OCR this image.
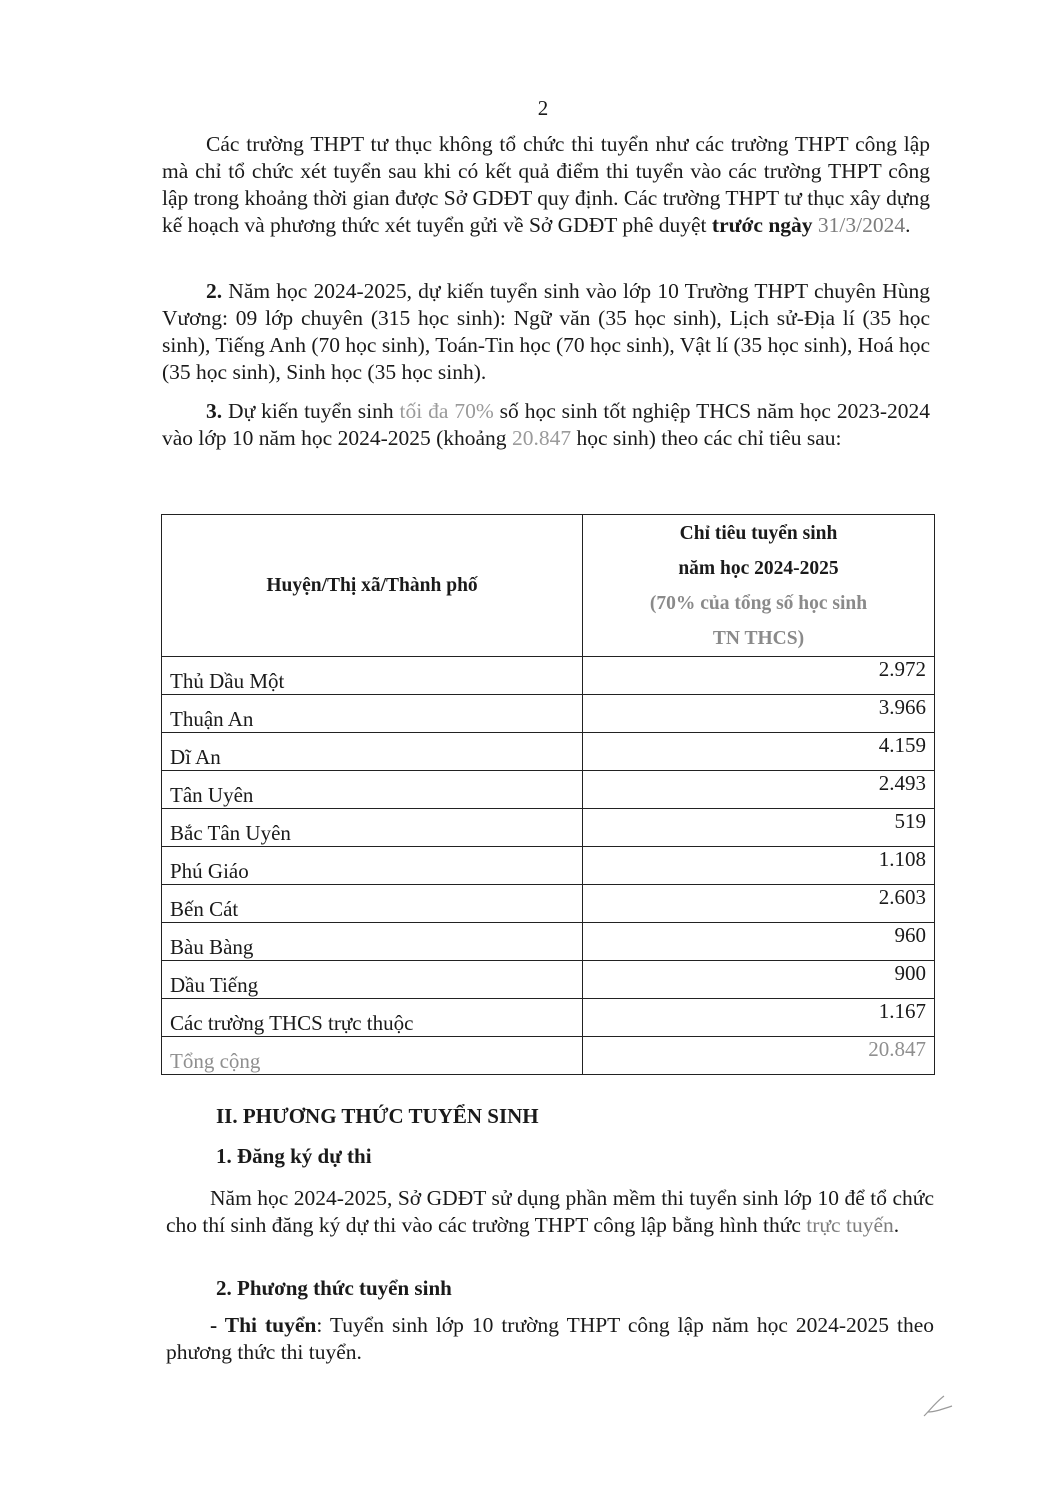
2

Các trường THPT tư thục không tổ chức thi tuyển như các trường THPT công lập mà chỉ tổ chức xét tuyển sau khi có kết quả điểm thi tuyển vào các trường THPT công lập trong khoảng thời gian được Sở GDĐT quy định. Các trường THPT tư thục xây dựng kế hoạch và phương thức xét tuyển gửi về Sở GDĐT phê duyệt trước ngày 31/3/2024.

2. Năm học 2024-2025, dự kiến tuyển sinh vào lớp 10 Trường THPT chuyên Hùng Vương: 09 lớp chuyên (315 học sinh): Ngữ văn (35 học sinh), Lịch sử-Địa lí (35 học sinh), Tiếng Anh (70 học sinh), Toán-Tin học (70 học sinh), Vật lí (35 học sinh), Hoá học (35 học sinh), Sinh học (35 học sinh).

3. Dự kiến tuyển sinh tối đa 70% số học sinh tốt nghiệp THCS năm học 2023-2024 vào lớp 10 năm học 2024-2025 (khoảng 20.847 học sinh) theo các chỉ tiêu sau:

Huyện/Thị xã/Thành phố	Chỉ tiêu tuyển sinh
năm học 2024-2025
(70% của tổng số học sinh
TN THCS)

Thủ Dầu Một	2.972
Thuận An	3.966
Dĩ An	4.159
Tân Uyên	2.493
Bắc Tân Uyên	519
Phú Giáo	1.108
Bến Cát	2.603
Bàu Bàng	960
Dầu Tiếng	900
Các trường THCS trực thuộc	1.167
Tổng cộng	20.847

II. PHƯƠNG THỨC TUYỂN SINH

1. Đăng ký dự thi

Năm học 2024-2025, Sở GDĐT sử dụng phần mềm thi tuyển sinh lớp 10 để tổ chức cho thí sinh đăng ký dự thi vào các trường THPT công lập bằng hình thức trực tuyến.

2. Phương thức tuyển sinh

- Thi tuyển: Tuyển sinh lớp 10 trường THPT công lập năm học 2024-2025 theo phương thức thi tuyển.
